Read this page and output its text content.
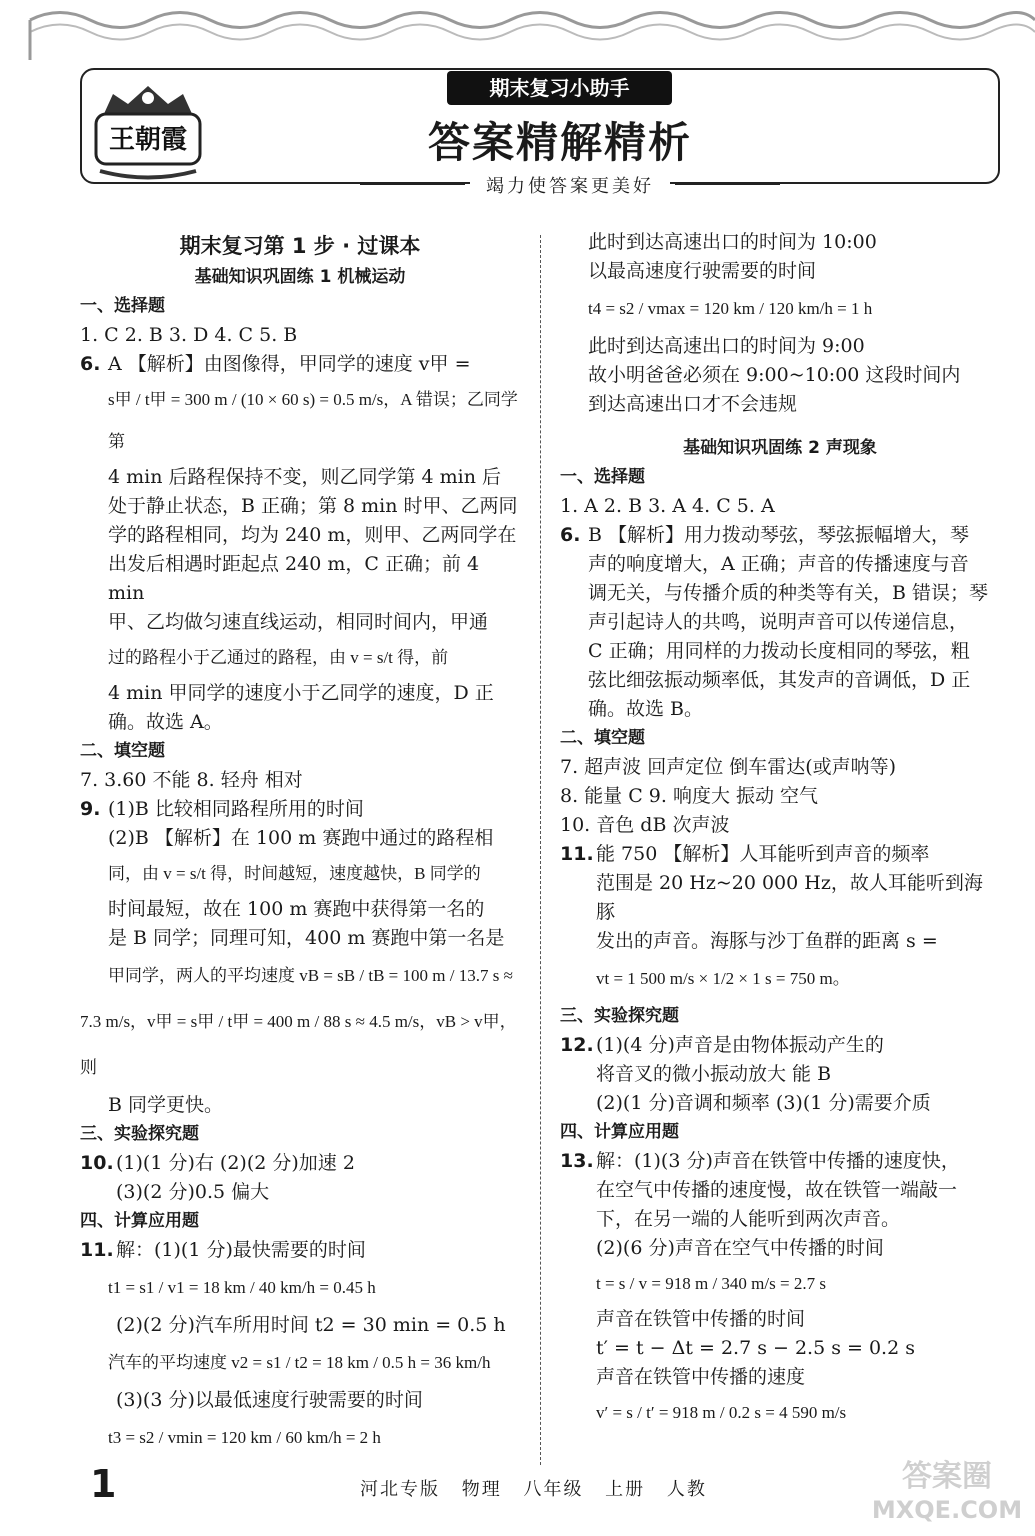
王朝霞
期末复习小助手
答案精解精析
竭力使答案更美好
期末复习第 1 步 · 过课本
基础知识巩固练 1 机械运动
一、选择题
1. C 2. B 3. D 4. C 5. B
6. A 【解析】由图像得，甲同学的速度 v甲 =
s甲 / t甲 = 300 m / (10 × 60 s) = 0.5 m/s，A 错误；乙同学第
4 min 后路程保持不变，则乙同学第 4 min 后
处于静止状态，B 正确；第 8 min 时甲、乙两同
学的路程相同，均为 240 m，则甲、乙两同学在
出发后相遇时距起点 240 m，C 正确；前 4 min
甲、乙均做匀速直线运动，相同时间内，甲通
过的路程小于乙通过的路程，由 v = s/t 得，前
4 min 甲同学的速度小于乙同学的速度，D 正
确。故选 A。
二、填空题
7. 3.60 不能 8. 轻舟 相对
9. (1)B 比较相同路程所用的时间
(2)B 【解析】在 100 m 赛跑中通过的路程相
同，由 v = s/t 得，时间越短，速度越快，B 同学的
时间最短，故在 100 m 赛跑中获得第一名的
是 B 同学；同理可知，400 m 赛跑中第一名是
甲同学，两人的平均速度 vB = sB / tB = 100 m / 13.7 s ≈
7.3 m/s，v甲 = s甲 / t甲 = 400 m / 88 s ≈ 4.5 m/s，vB > v甲，则
B 同学更快。
三、实验探究题
10. (1)(1 分)右 (2)(2 分)加速 2
(3)(2 分)0.5 偏大
四、计算应用题
11. 解：(1)(1 分)最快需要的时间
t1 = s1 / v1 = 18 km / 40 km/h = 0.45 h
(2)(2 分)汽车所用时间 t2 = 30 min = 0.5 h
汽车的平均速度 v2 = s1 / t2 = 18 km / 0.5 h = 36 km/h
(3)(3 分)以最低速度行驶需要的时间
t3 = s2 / vmin = 120 km / 60 km/h = 2 h
此时到达高速出口的时间为 10:00
以最高速度行驶需要的时间
t4 = s2 / vmax = 120 km / 120 km/h = 1 h
此时到达高速出口的时间为 9:00
故小明爸爸必须在 9:00~10:00 这段时间内
到达高速出口才不会违规
基础知识巩固练 2 声现象
一、选择题
1. A 2. B 3. A 4. C 5. A
6. B 【解析】用力拨动琴弦，琴弦振幅增大，琴
声的响度增大，A 正确；声音的传播速度与音
调无关，与传播介质的种类等有关，B 错误；琴
声引起诗人的共鸣，说明声音可以传递信息，
C 正确；用同样的力拨动长度相同的琴弦，粗
弦比细弦振动频率低，其发声的音调低，D 正
确。故选 B。
二、填空题
7. 超声波 回声定位 倒车雷达(或声呐等)
8. 能量 C 9. 响度大 振动 空气
10. 音色 dB 次声波
11. 能 750 【解析】人耳能听到声音的频率
范围是 20 Hz~20 000 Hz，故人耳能听到海豚
发出的声音。海豚与沙丁鱼群的距离 s =
vt = 1 500 m/s × 1/2 × 1 s = 750 m。
三、实验探究题
12. (1)(4 分)声音是由物体振动产生的
将音叉的微小振动放大 能 B
(2)(1 分)音调和频率 (3)(1 分)需要介质
四、计算应用题
13. 解：(1)(3 分)声音在铁管中传播的速度快，
在空气中传播的速度慢，故在铁管一端敲一
下，在另一端的人能听到两次声音。
(2)(6 分)声音在空气中传播的时间
t = s / v = 918 m / 340 m/s = 2.7 s
声音在铁管中传播的时间
t′ = t − Δt = 2.7 s − 2.5 s = 0.2 s
声音在铁管中传播的速度
v′ = s / t′ = 918 m / 0.2 s = 4 590 m/s
1	河北专版 物理 八年级 上册 人教	答案圈
MXQE.COM
